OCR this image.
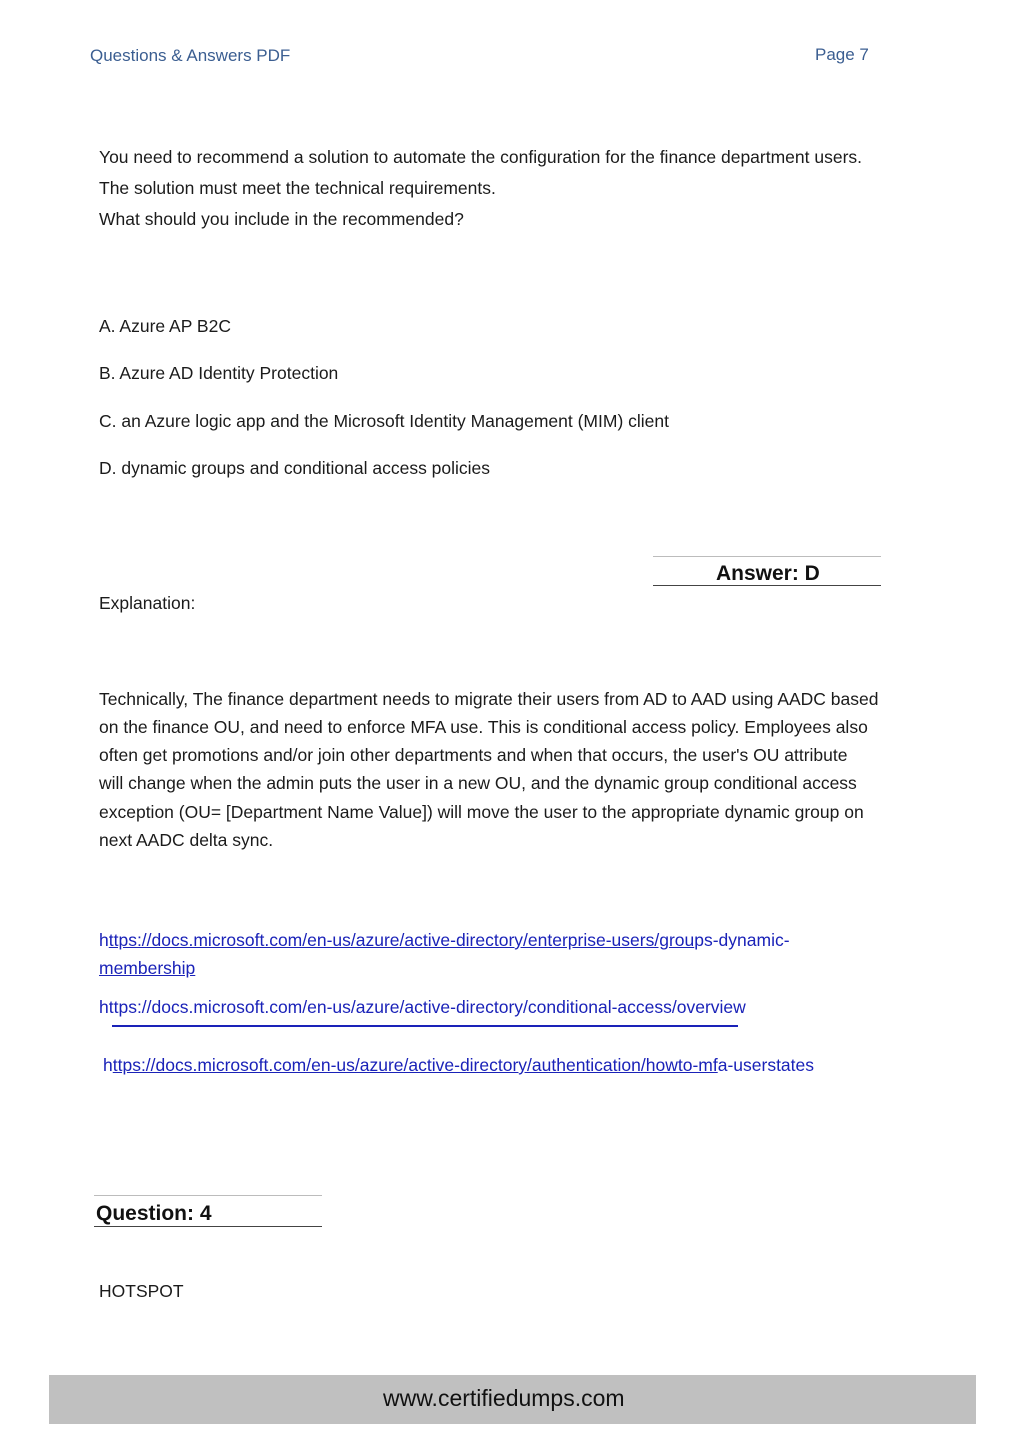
Questions & Answers PDF	Page 7
You need to recommend a solution to automate the configuration for the finance department users.
The solution must meet the technical requirements.
What should you include in the recommended?
A. Azure AP B2C
B. Azure AD Identity Protection
C. an Azure logic app and the Microsoft Identity Management (MIM) client
D. dynamic groups and conditional access policies
Answer: D
Explanation:
Technically, The finance department needs to migrate their users from AD to AAD using AADC based
on the finance OU, and need to enforce MFA use. This is conditional access policy. Employees also
often get promotions and/or join other departments and when that occurs, the user's OU attribute
will change when the admin puts the user in a new OU, and the dynamic group conditional access
exception (OU= [Department Name Value]) will move the user to the appropriate dynamic group on
next AADC delta sync.
https://docs.microsoft.com/en-us/azure/active-directory/enterprise-users/groups-dynamic-
membership
https://docs.microsoft.com/en-us/azure/active-directory/conditional-access/overview
https://docs.microsoft.com/en-us/azure/active-directory/authentication/howto-mfa-userstates
Question: 4
HOTSPOT
www.certifiedumps.com
